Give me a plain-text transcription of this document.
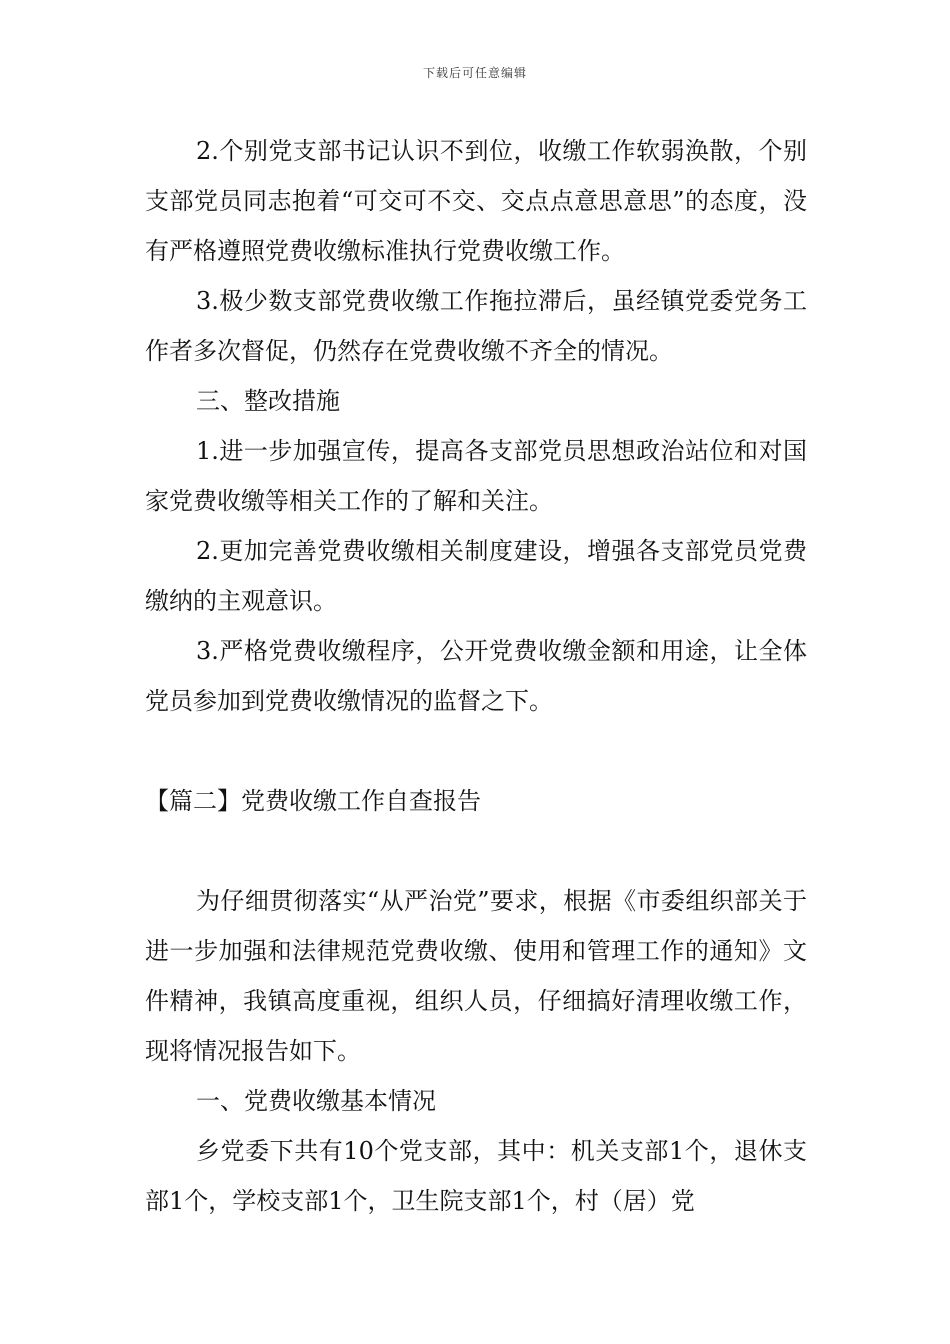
下载后可任意编辑

2.个别党支部书记认识不到位，收缴工作软弱涣散，个别支部党员同志抱着“可交可不交、交点点意思意思”的态度，没有严格遵照党费收缴标准执行党费收缴工作。

3.极少数支部党费收缴工作拖拉滞后，虽经镇党委党务工作者多次督促，仍然存在党费收缴不齐全的情况。

三、整改措施

1.进一步加强宣传，提高各支部党员思想政治站位和对国家党费收缴等相关工作的了解和关注。

2.更加完善党费收缴相关制度建设，增强各支部党员党费缴纳的主观意识。

3.严格党费收缴程序，公开党费收缴金额和用途，让全体党员参加到党费收缴情况的监督之下。

【篇二】党费收缴工作自查报告

为仔细贯彻落实“从严治党”要求，根据《市委组织部关于进一步加强和法律规范党费收缴、使用和管理工作的通知》文件精神，我镇高度重视，组织人员，仔细搞好清理收缴工作，现将情况报告如下。

一、党费收缴基本情况

乡党委下共有10个党支部，其中：机关支部1个，退休支部1个，学校支部1个，卫生院支部1个，村（居）党
